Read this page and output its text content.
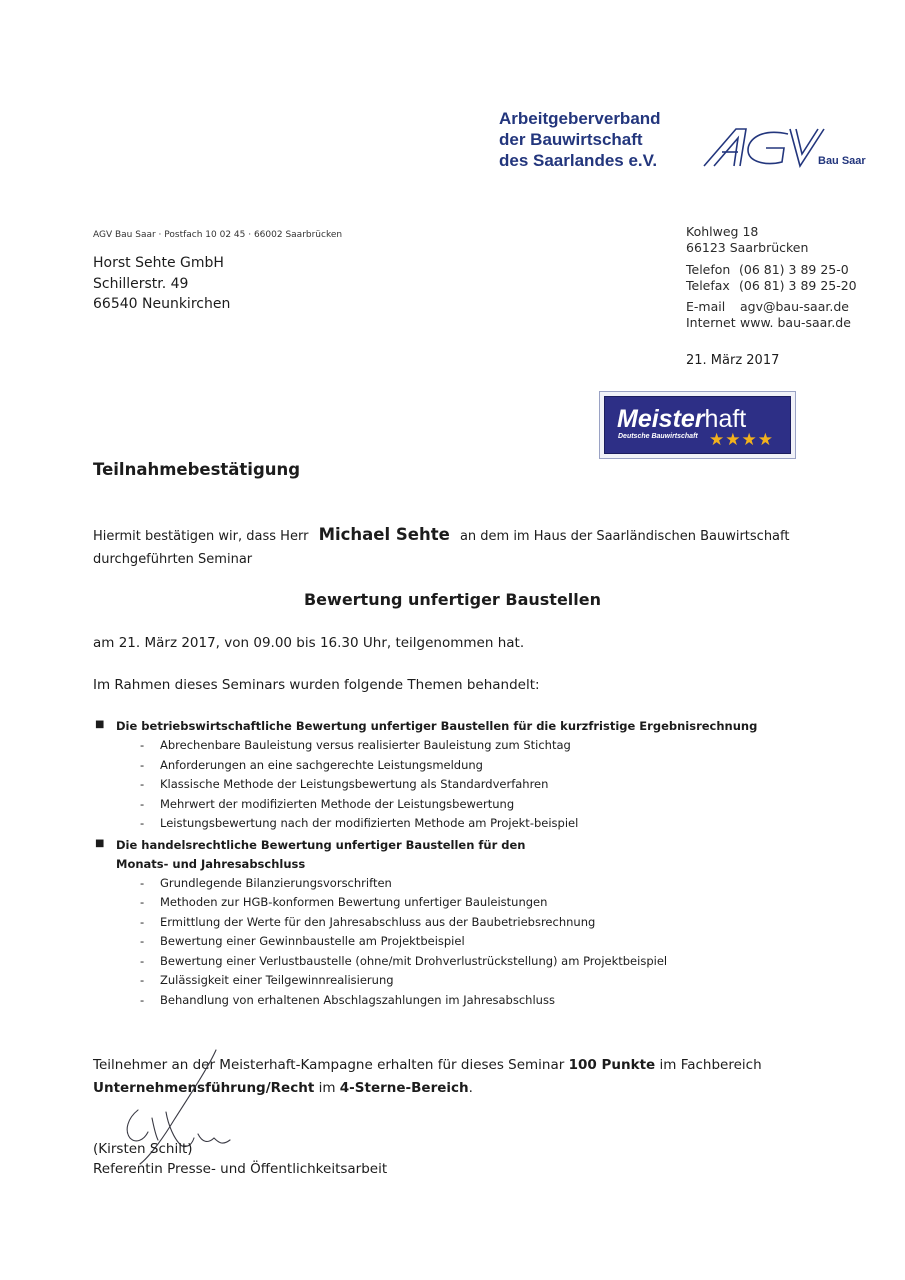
Arbeitgeberverband
der Bauwirtschaft
des Saarlandes e.V.	Bau Saar
AGV Bau Saar · Postfach 10 02 45 · 66002 Saarbrücken
Horst Sehte GmbH
Schillerstr. 49
66540 Neunkirchen
Kohlweg 18
66123 Saarbrücken
Telefon (06 81) 3 89 25-0
Telefax (06 81) 3 89 25-20
E-mail agv@bau-saar.de
Internet www. bau-saar.de
21. März 2017
Meisterhaft
Deutsche Bauwirtschaft ★★★★
Teilnahmebestätigung
Hiermit bestätigen wir, dass Herr Michael Sehte an dem im Haus der Saarländischen Bauwirtschaft durchgeführten Seminar
Bewertung unfertiger Baustellen
am 21. März 2017, von 09.00 bis 16.30 Uhr, teilgenommen hat.
Im Rahmen dieses Seminars wurden folgende Themen behandelt:
■ Die betriebswirtschaftliche Bewertung unfertiger Baustellen für die kurzfristige Ergebnisrechnung
- Abrechenbare Bauleistung versus realisierter Bauleistung zum Stichtag
- Anforderungen an eine sachgerechte Leistungsmeldung
- Klassische Methode der Leistungsbewertung als Standardverfahren
- Mehrwert der modifizierten Methode der Leistungsbewertung
- Leistungsbewertung nach der modifizierten Methode am Projekt-beispiel
■ Die handelsrechtliche Bewertung unfertiger Baustellen für den Monats- und Jahresabschluss
- Grundlegende Bilanzierungsvorschriften
- Methoden zur HGB-konformen Bewertung unfertiger Bauleistungen
- Ermittlung der Werte für den Jahresabschluss aus der Baubetriebsrechnung
- Bewertung einer Gewinnbaustelle am Projektbeispiel
- Bewertung einer Verlustbaustelle (ohne/mit Drohverlustrückstellung) am Projektbeispiel
- Zulässigkeit einer Teilgewinnrealisierung
- Behandlung von erhaltenen Abschlagszahlungen im Jahresabschluss
Teilnehmer an der Meisterhaft-Kampagne erhalten für dieses Seminar 100 Punkte im Fachbereich Unternehmensführung/Recht im 4-Sterne-Bereich.
(Kirsten Schilt)
Referentin Presse- und Öffentlichkeitsarbeit
